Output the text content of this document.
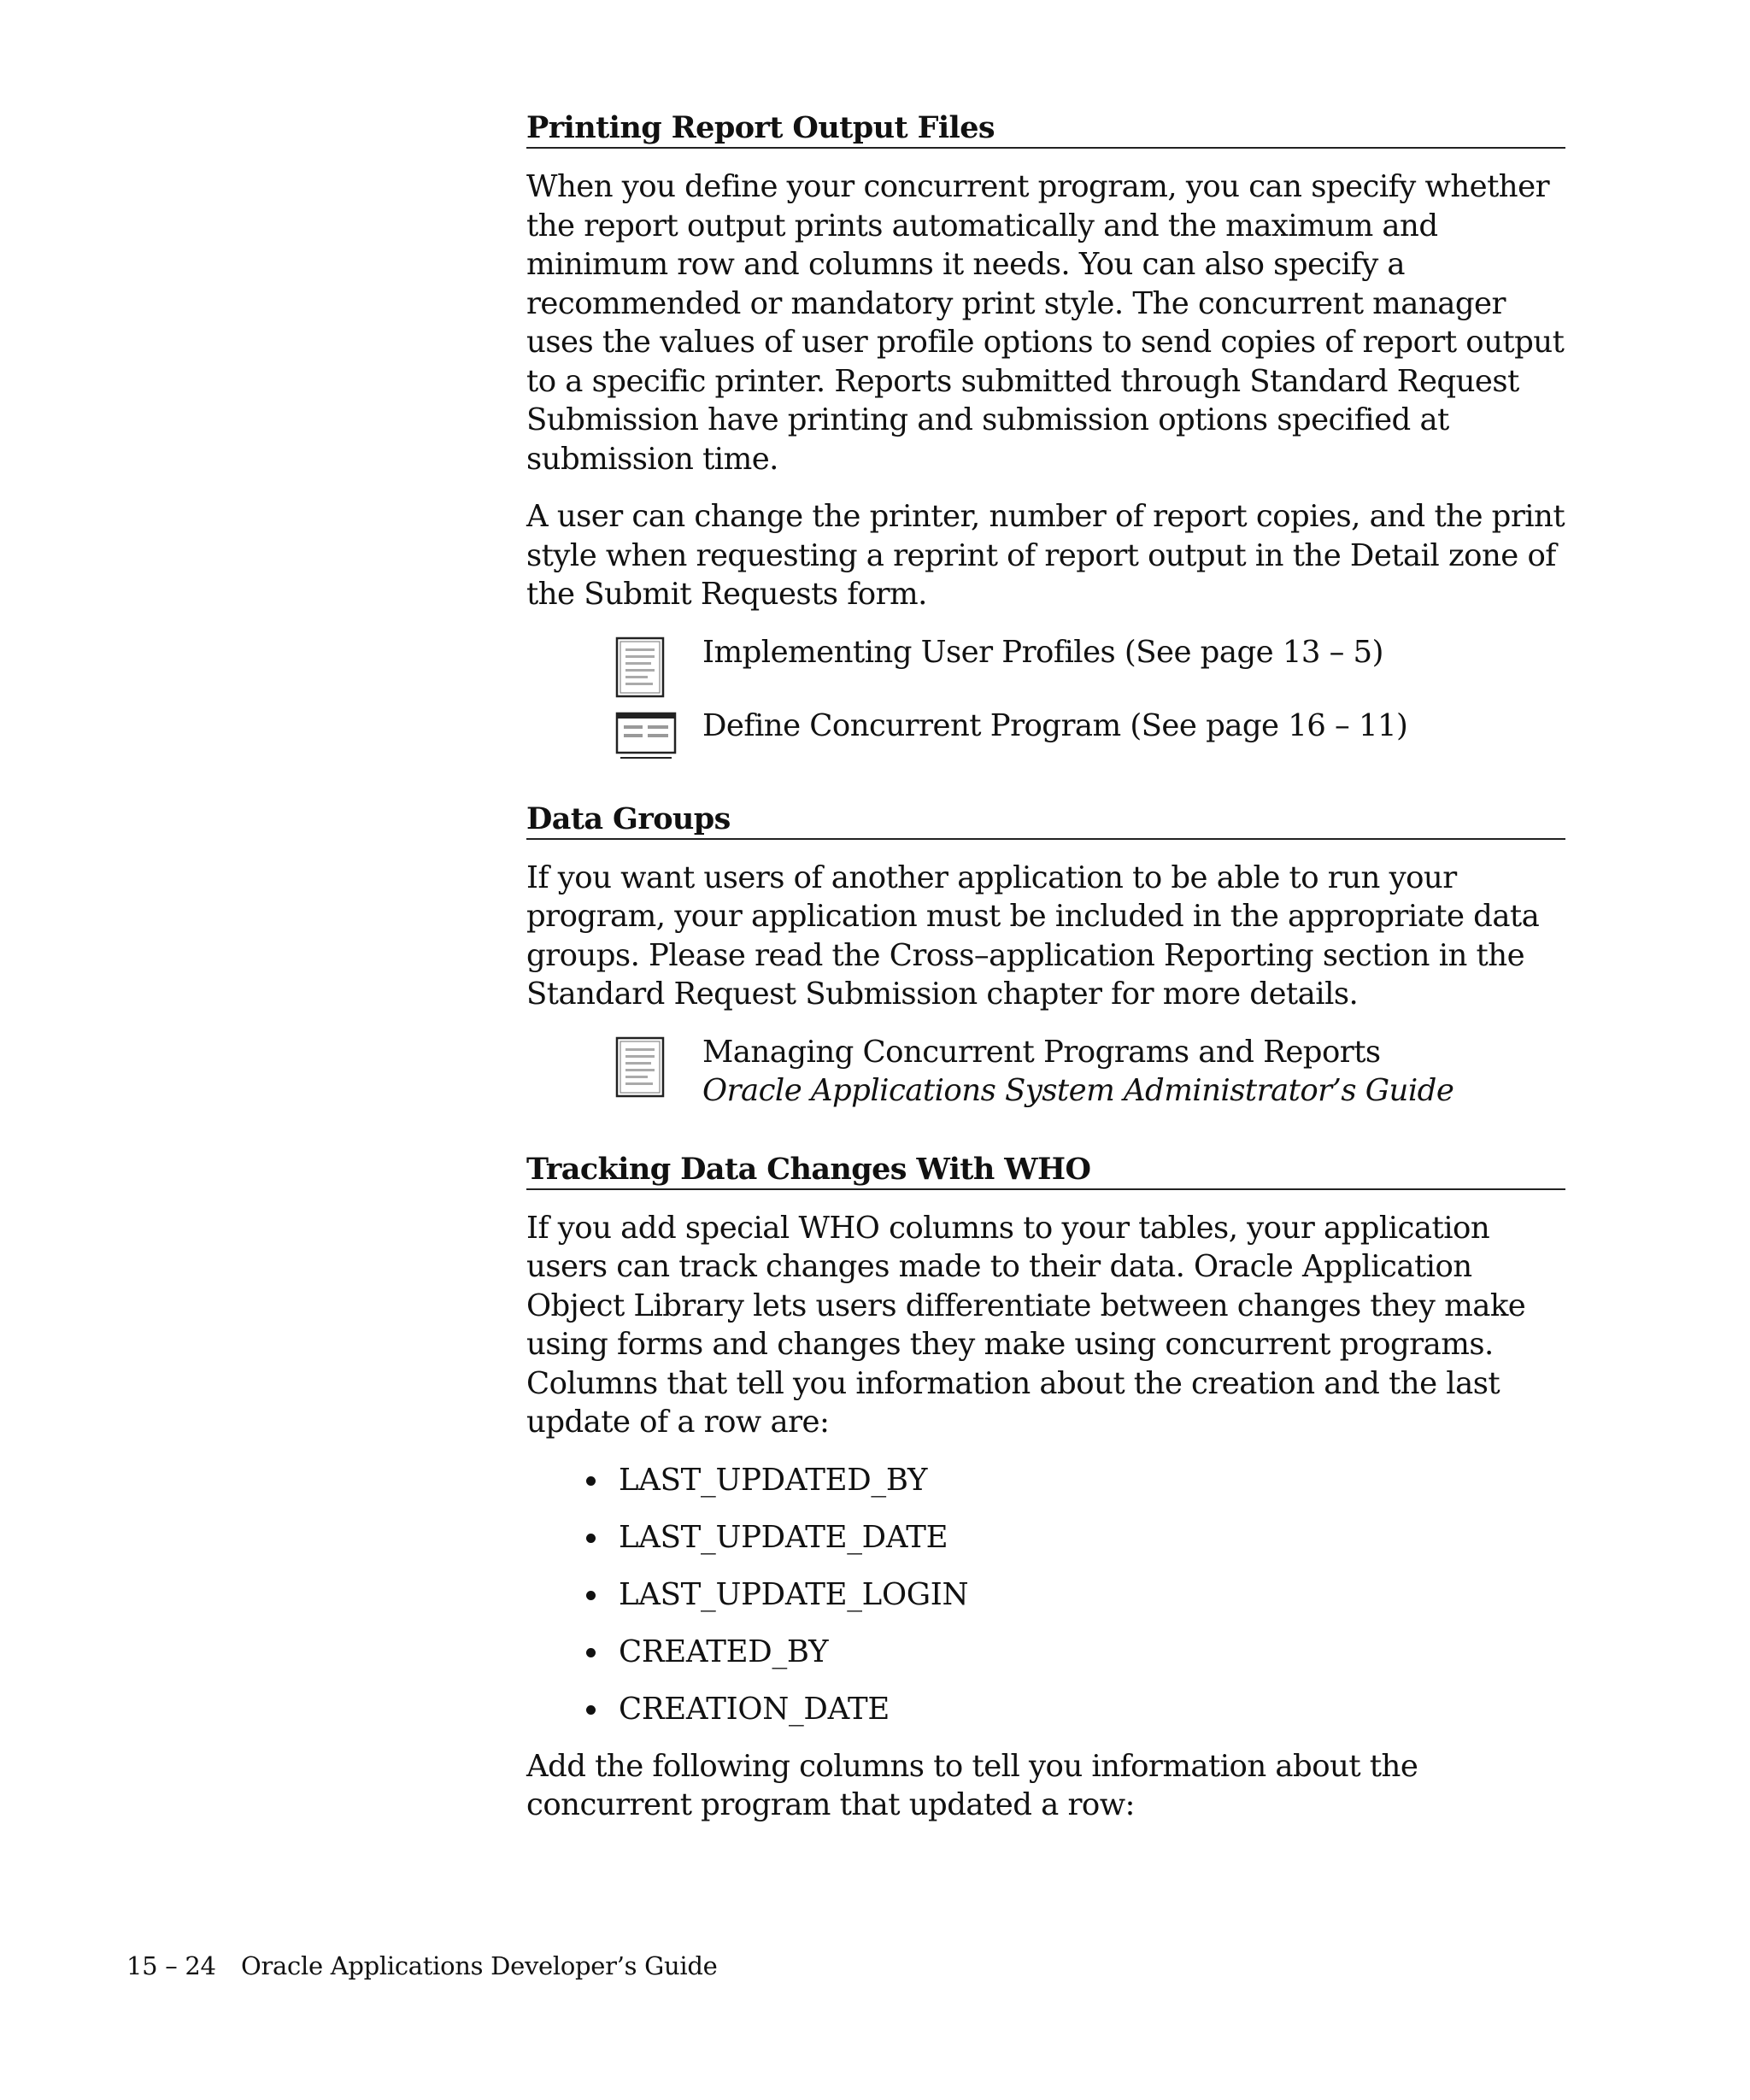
Printing Report Output Files

When you define your concurrent program, you can specify whether the report output prints automatically and the maximum and minimum row and columns it needs. You can also specify a recommended or mandatory print style. The concurrent manager uses the values of user profile options to send copies of report output to a specific printer. Reports submitted through Standard Request Submission have printing and submission options specified at submission time.

A user can change the printer, number of report copies, and the print style when requesting a reprint of report output in the Detail zone of the Submit Requests form.

Implementing User Profiles (See page 13 – 5)
Define Concurrent Program (See page 16 – 11)
Data Groups

If you want users of another application to be able to run your program, your application must be included in the appropriate data groups. Please read the Cross–application Reporting section in the Standard Request Submission chapter for more details.

Managing Concurrent Programs and Reports
Oracle Applications System Administrator’s Guide
Tracking Data Changes With WHO

If you add special WHO columns to your tables, your application users can track changes made to their data. Oracle Application Object Library lets users differentiate between changes they make using forms and changes they make using concurrent programs. Columns that tell you information about the creation and the last update of a row are:

LAST_UPDATED_BY
LAST_UPDATE_DATE
LAST_UPDATE_LOGIN
CREATED_BY
CREATION_DATE

Add the following columns to tell you information about the concurrent program that updated a row:

15 – 24 Oracle Applications Developer’s Guide
